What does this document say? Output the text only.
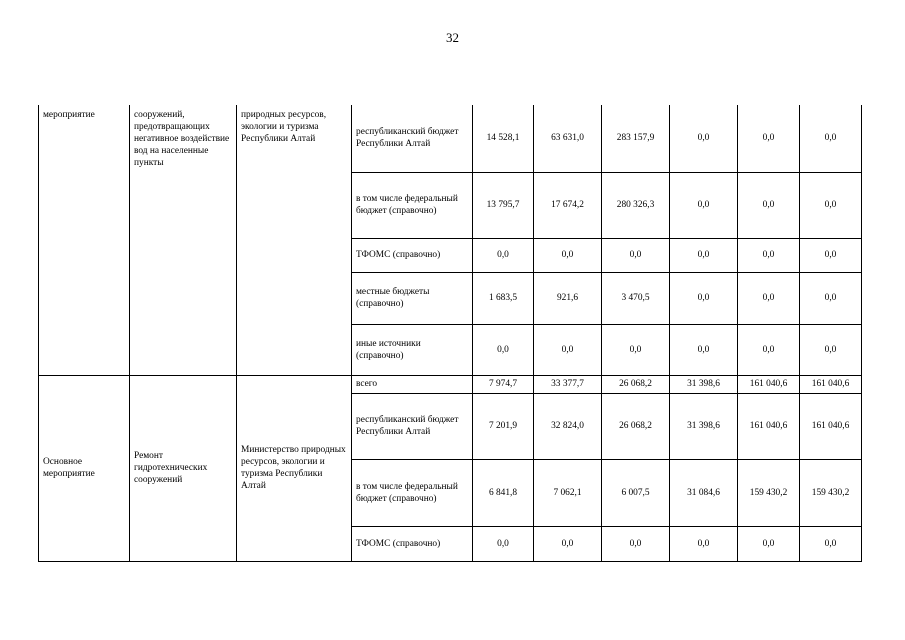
32
мероприятие	сооружений, предотвращающих негативное воздействие вод на населенные пункты	природных ресурсов, экологии и туризма Республики Алтай	республиканский бюджет Республики Алтай	14 528,1	63 631,0	283 157,9	0,0	0,0	0,0
			в том числе федеральный бюджет (справочно)	13 795,7	17 674,2	280 326,3	0,0	0,0	0,0
			ТФОМС (справочно)	0,0	0,0	0,0	0,0	0,0	0,0
			местные бюджеты (справочно)	1 683,5	921,6	3 470,5	0,0	0,0	0,0
			иные источники (справочно)	0,0	0,0	0,0	0,0	0,0	0,0
Основное мероприятие	Ремонт гидротехнических сооружений	Министерство природных ресурсов, экологии и туризма Республики Алтай	всего	7 974,7	33 377,7	26 068,2	31 398,6	161 040,6	161 040,6
			республиканский бюджет Республики Алтай	7 201,9	32 824,0	26 068,2	31 398,6	161 040,6	161 040,6
			в том числе федеральный бюджет (справочно)	6 841,8	7 062,1	6 007,5	31 084,6	159 430,2	159 430,2
			ТФОМС (справочно)	0,0	0,0	0,0	0,0	0,0	0,0
